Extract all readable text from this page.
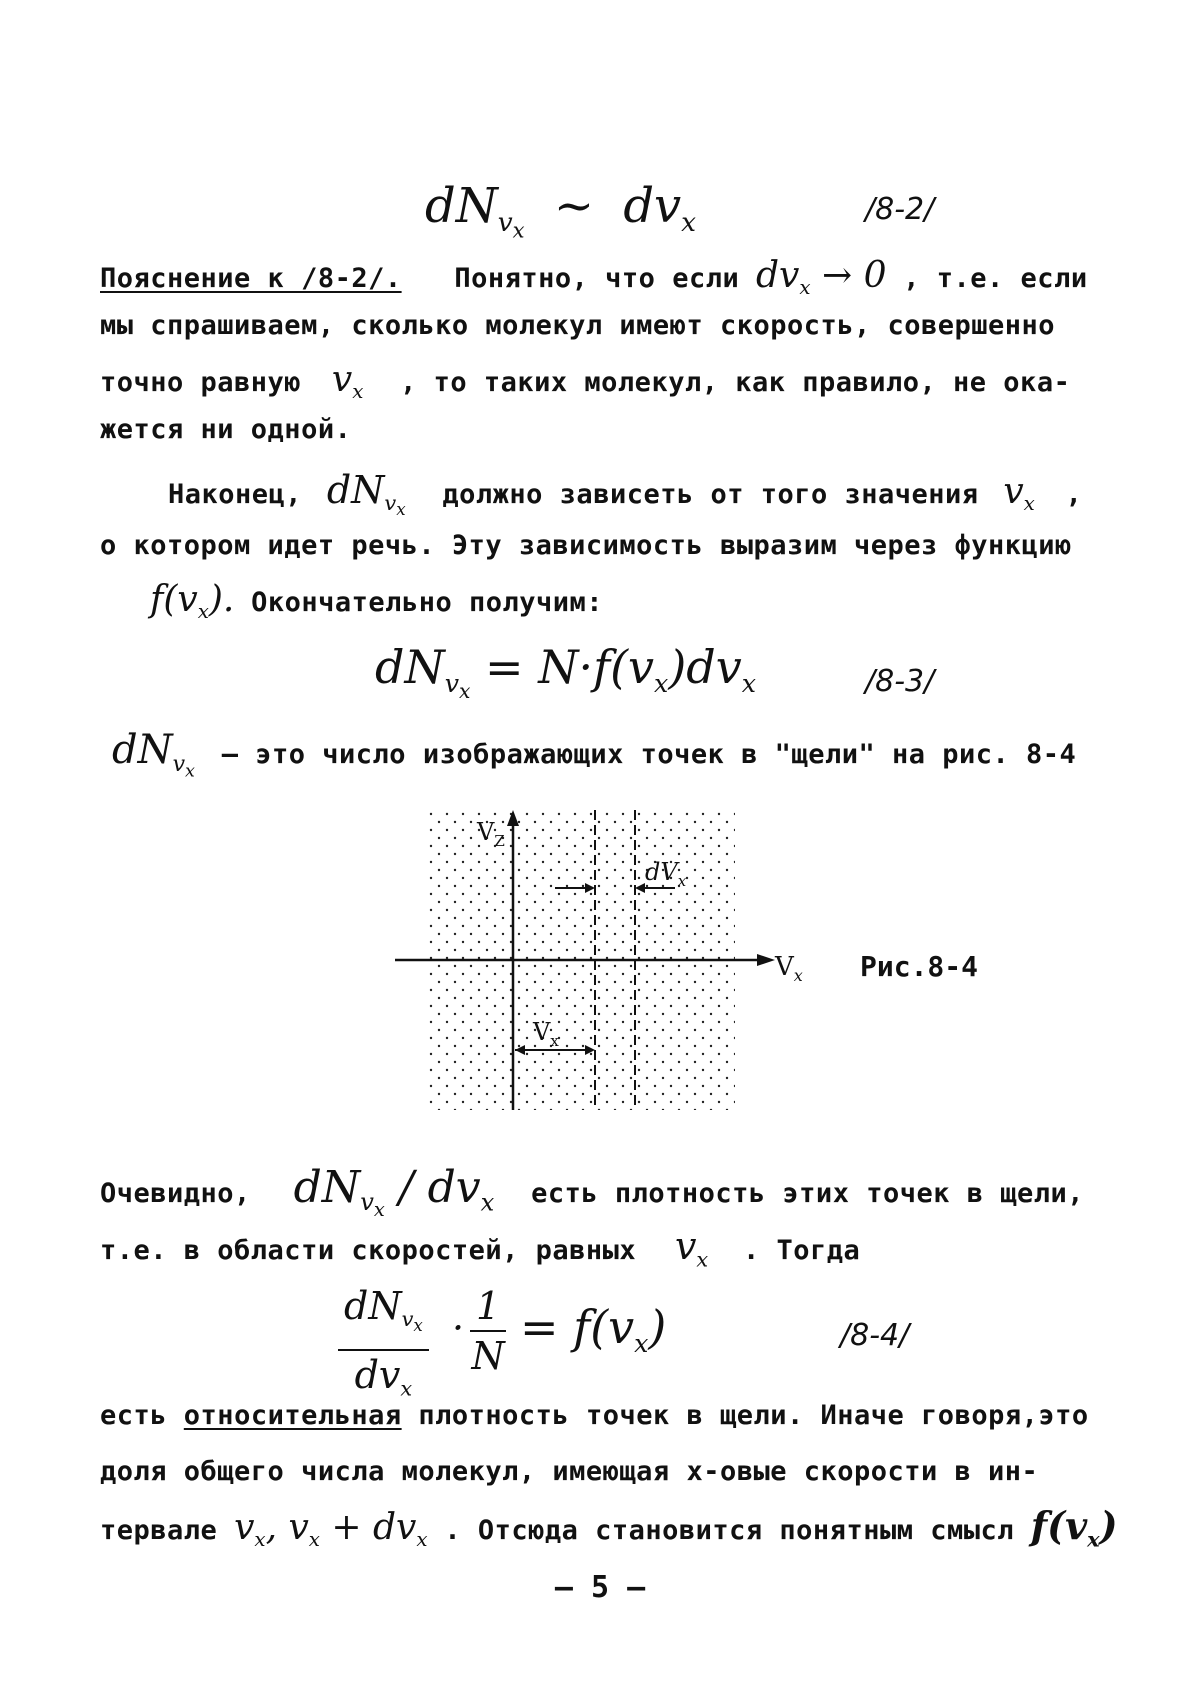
$dN_{v_x}$ ~ $dv_x$	/8-2/
Пояснение к /8-2/. Понятно, что если $dv_x \to 0$ , т.е. если
мы спрашиваем, сколько молекул имеют скорость, совершенно
точно равную $v_x$ , то таких молекул, как правило, не ока-
жется ни одной.
Наконец, $dN_{v_x}$ должно зависеть от того значения $v_x$ ,
о котором идет речь. Эту зависимость выразим через функцию
$f(v_x)$. Окончательно получим:
$dN_{v_x} = N\cdot f(v_x)dv_x$	/8-3/
$dN_{v_x}$ – это число изображающих точек в "щели" на рис. 8-4
$V_Z$
$dV_x$
$V_x$
$V_x$ Рис.8-4
Очевидно, $dN_{v_x} / dv_x$ есть плотность этих точек в щели,
т.е. в области скоростей, равных $v_x$ . Тогда
$dN_{v_x}$
$dv_x$
· $\frac{1}{N} = f(v_x)$	/8-4/
есть относительная плотность точек в щели. Иначе говоря,это
доля общего числа молекул, имеющая x-овые скорости в ин-
тервале $v_x$, $v_x + dv_x$ . Отсюда становится понятным смысл $f(v_x)$
— 5 —
